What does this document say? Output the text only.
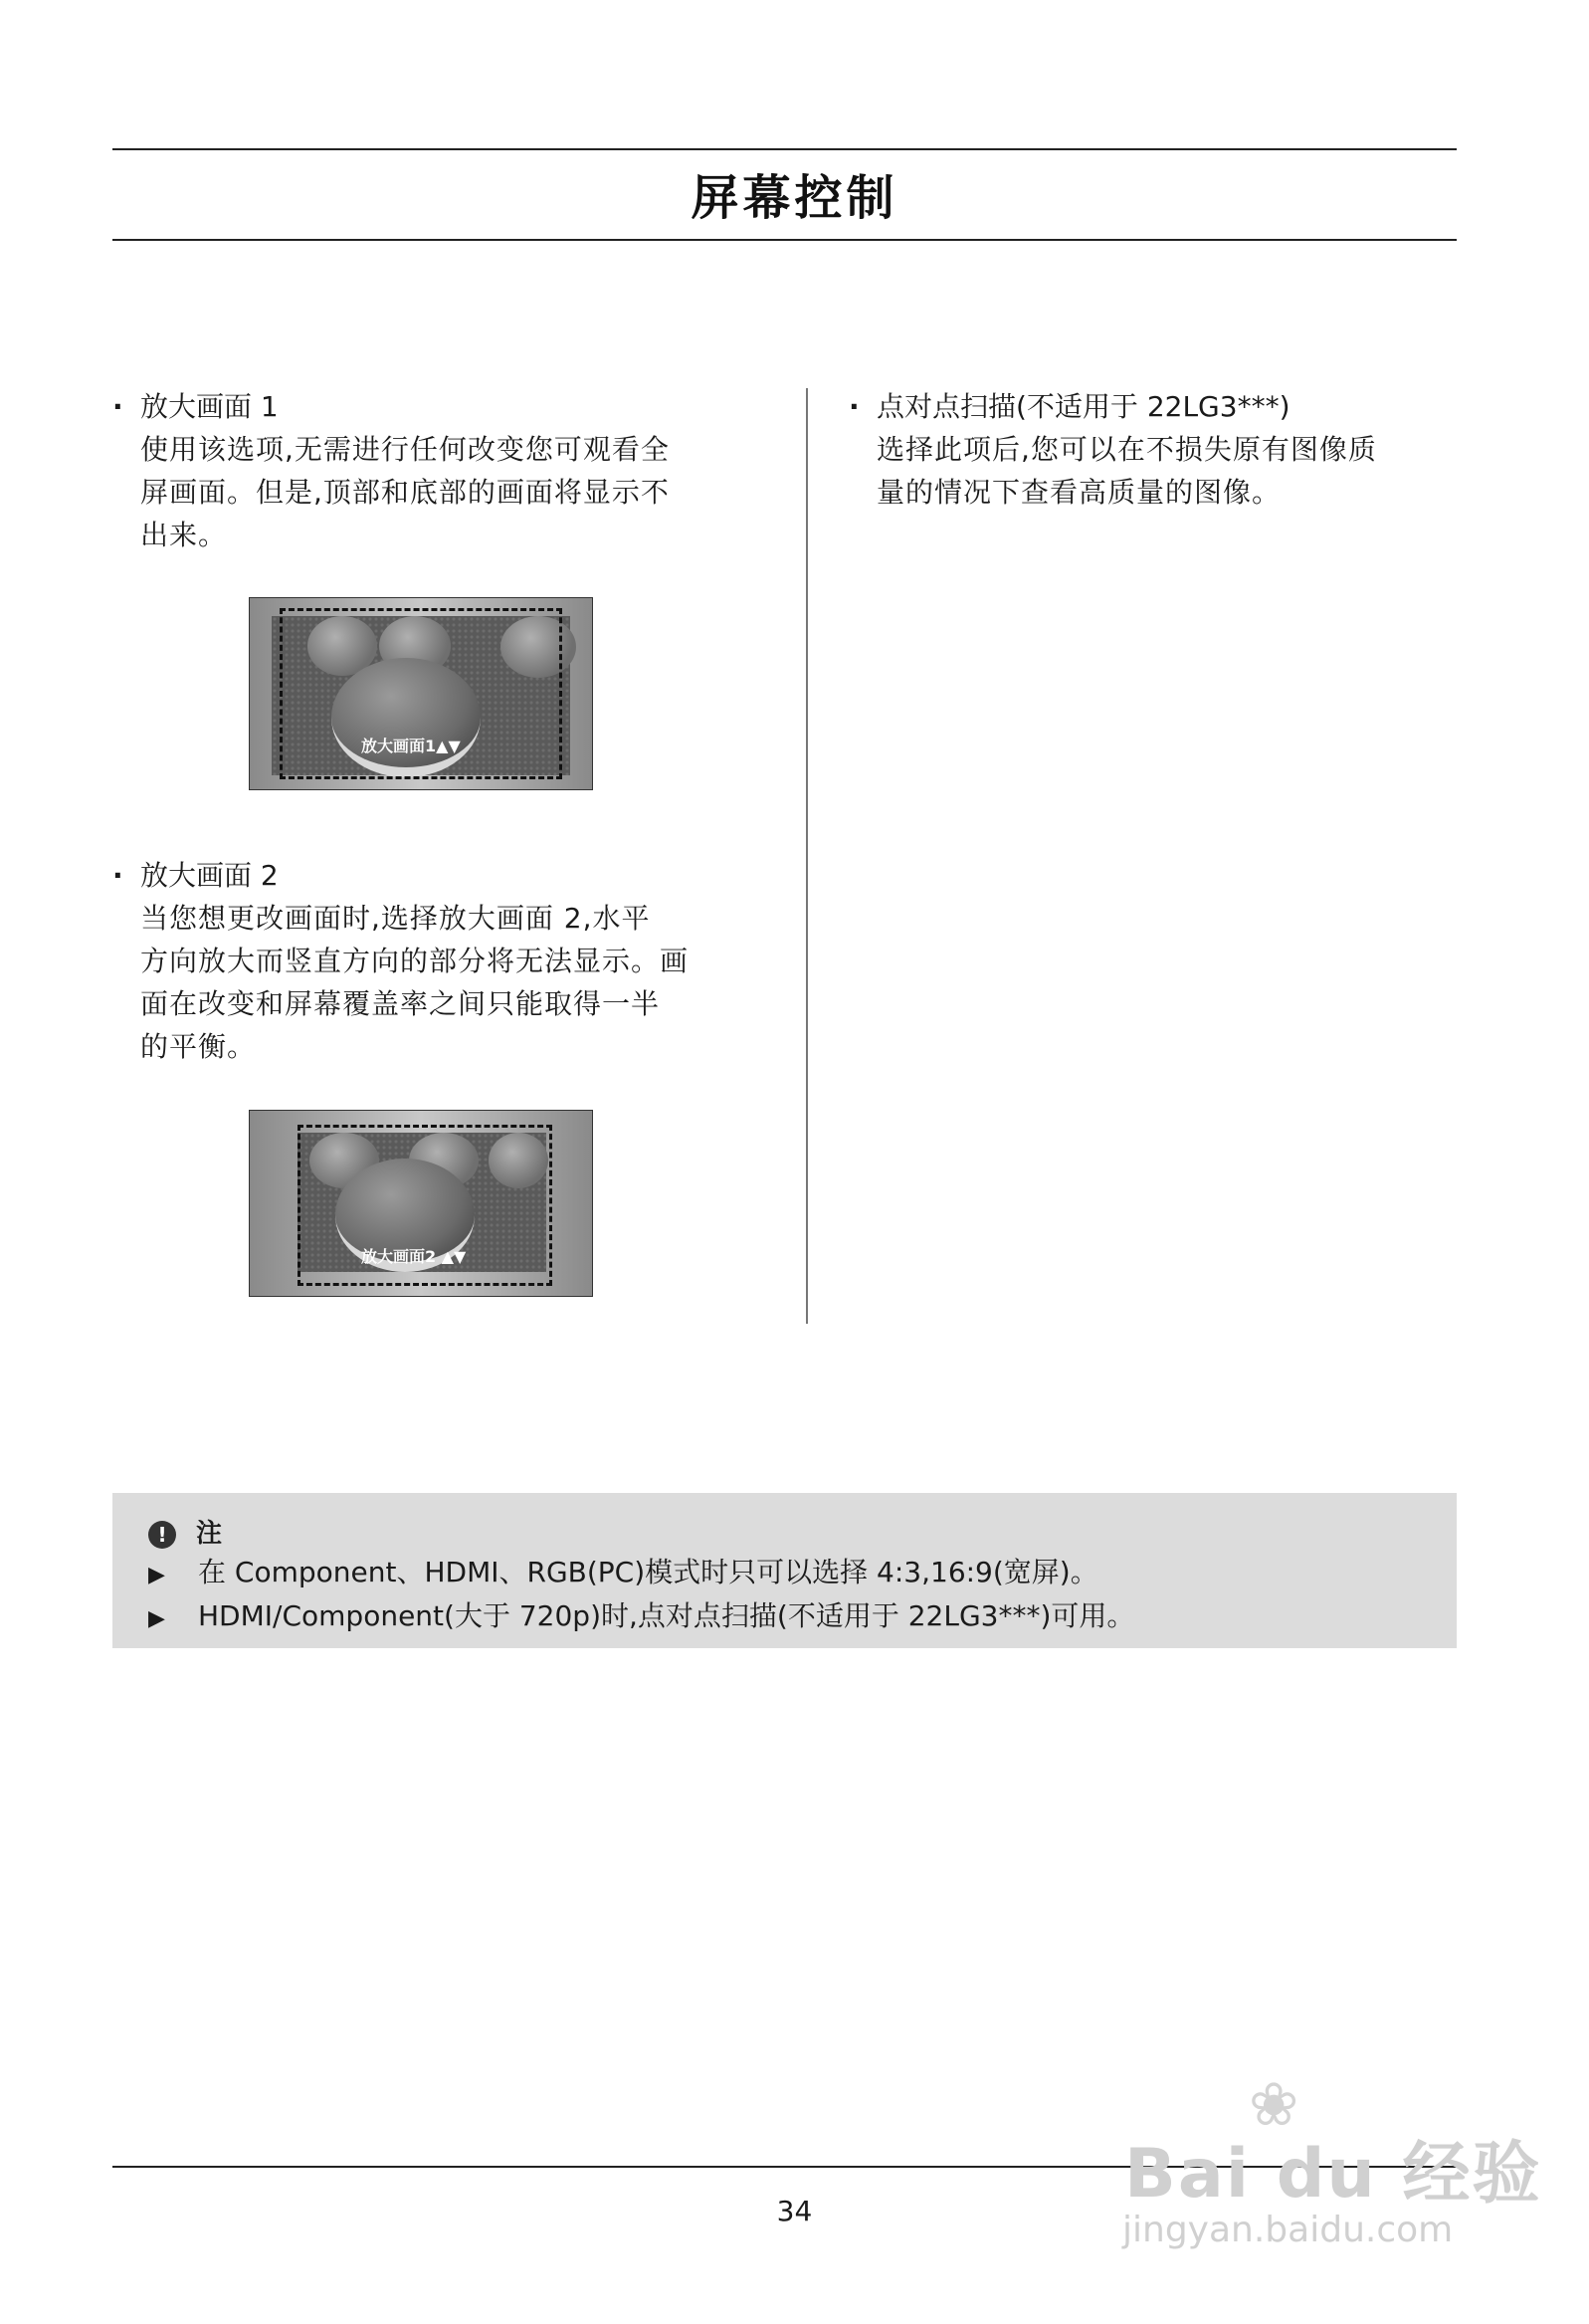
屏幕控制
· 放大画面 1
使用该选项,无需进行任何改变您可观看全
屏画面。但是,顶部和底部的画面将显示不
出来。
放大画面1▲▼
· 放大画面 2
当您想更改画面时,选择放大画面 2,水平
方向放大而竖直方向的部分将无法显示。画
面在改变和屏幕覆盖率之间只能取得一半
的平衡。
放大画面2 ▲▼
· 点对点扫描(不适用于 22LG3***)
选择此项后,您可以在不损失原有图像质
量的情况下查看高质量的图像。
! 注
▶ 在 Component、HDMI、RGB(PC)模式时只可以选择 4:3,16:9(宽屏)。
▶ HDMI/Component(大于 720p)时,点对点扫描(不适用于 22LG3***)可用。
34
❀
Bai du 经验
jingyan.baidu.com
